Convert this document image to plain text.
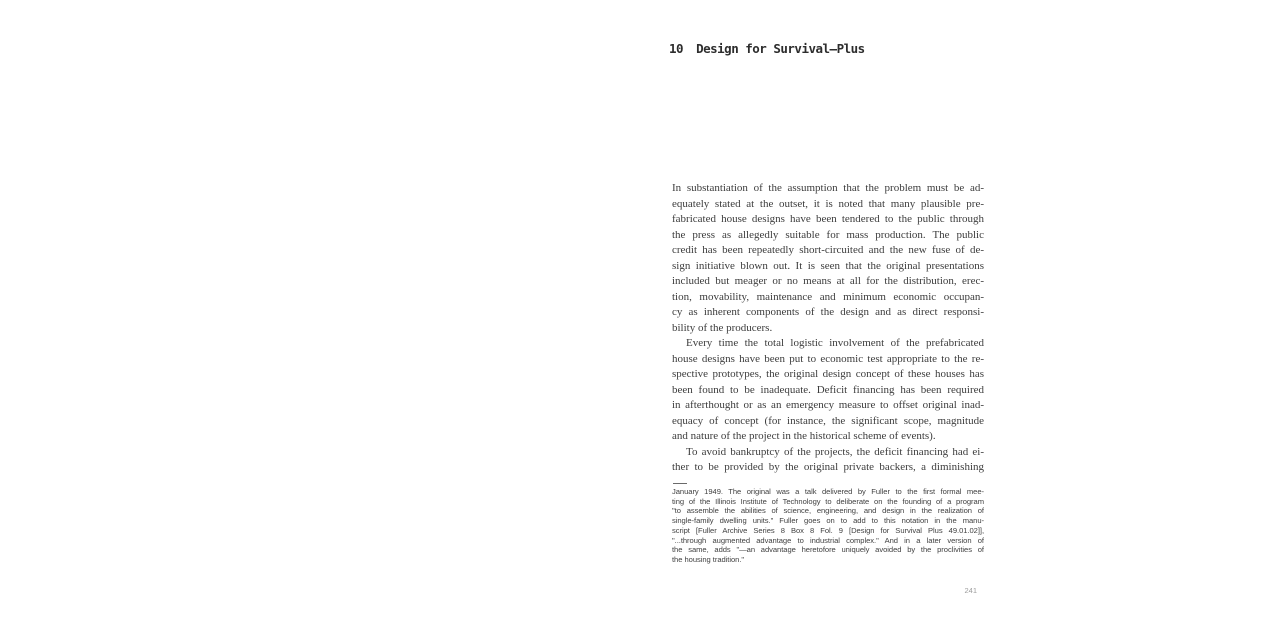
10 Design for Survival—Plus
In substantiation of the assumption that the problem must be ad-
equately stated at the outset, it is noted that many plausible pre-
fabricated house designs have been tendered to the public through
the press as allegedly suitable for mass production. The public
credit has been repeatedly short-circuited and the new fuse of de-
sign initiative blown out. It is seen that the original presentations
included but meager or no means at all for the distribution, erec-
tion, movability, maintenance and minimum economic occupan-
cy as inherent components of the design and as direct responsi-
bility of the producers.
Every time the total logistic involvement of the prefabricated
house designs have been put to economic test appropriate to the re-
spective prototypes, the original design concept of these houses has
been found to be inadequate. Deficit financing has been required
in afterthought or as an emergency measure to offset original inad-
equacy of concept (for instance, the significant scope, magnitude
and nature of the project in the historical scheme of events).
To avoid bankruptcy of the projects, the deficit financing had ei-
ther to be provided by the original private backers, a diminishing
January 1949. The original was a talk delivered by Fuller to the first formal mee-
ting of the Illinois Institute of Technology to deliberate on the founding of a program
"to assemble the abilities of science, engineering, and design in the realization of
single-family dwelling units." Fuller goes on to add to this notation in the manu-
script [Fuller Archive Series 8 Box 8 Fol. 9 [Design for Survival Plus 49.01.02]],
"...through augmented advantage to industrial complex." And in a later version of
the same, adds "—an advantage heretofore uniquely avoided by the proclivities of
the housing tradition."
241
